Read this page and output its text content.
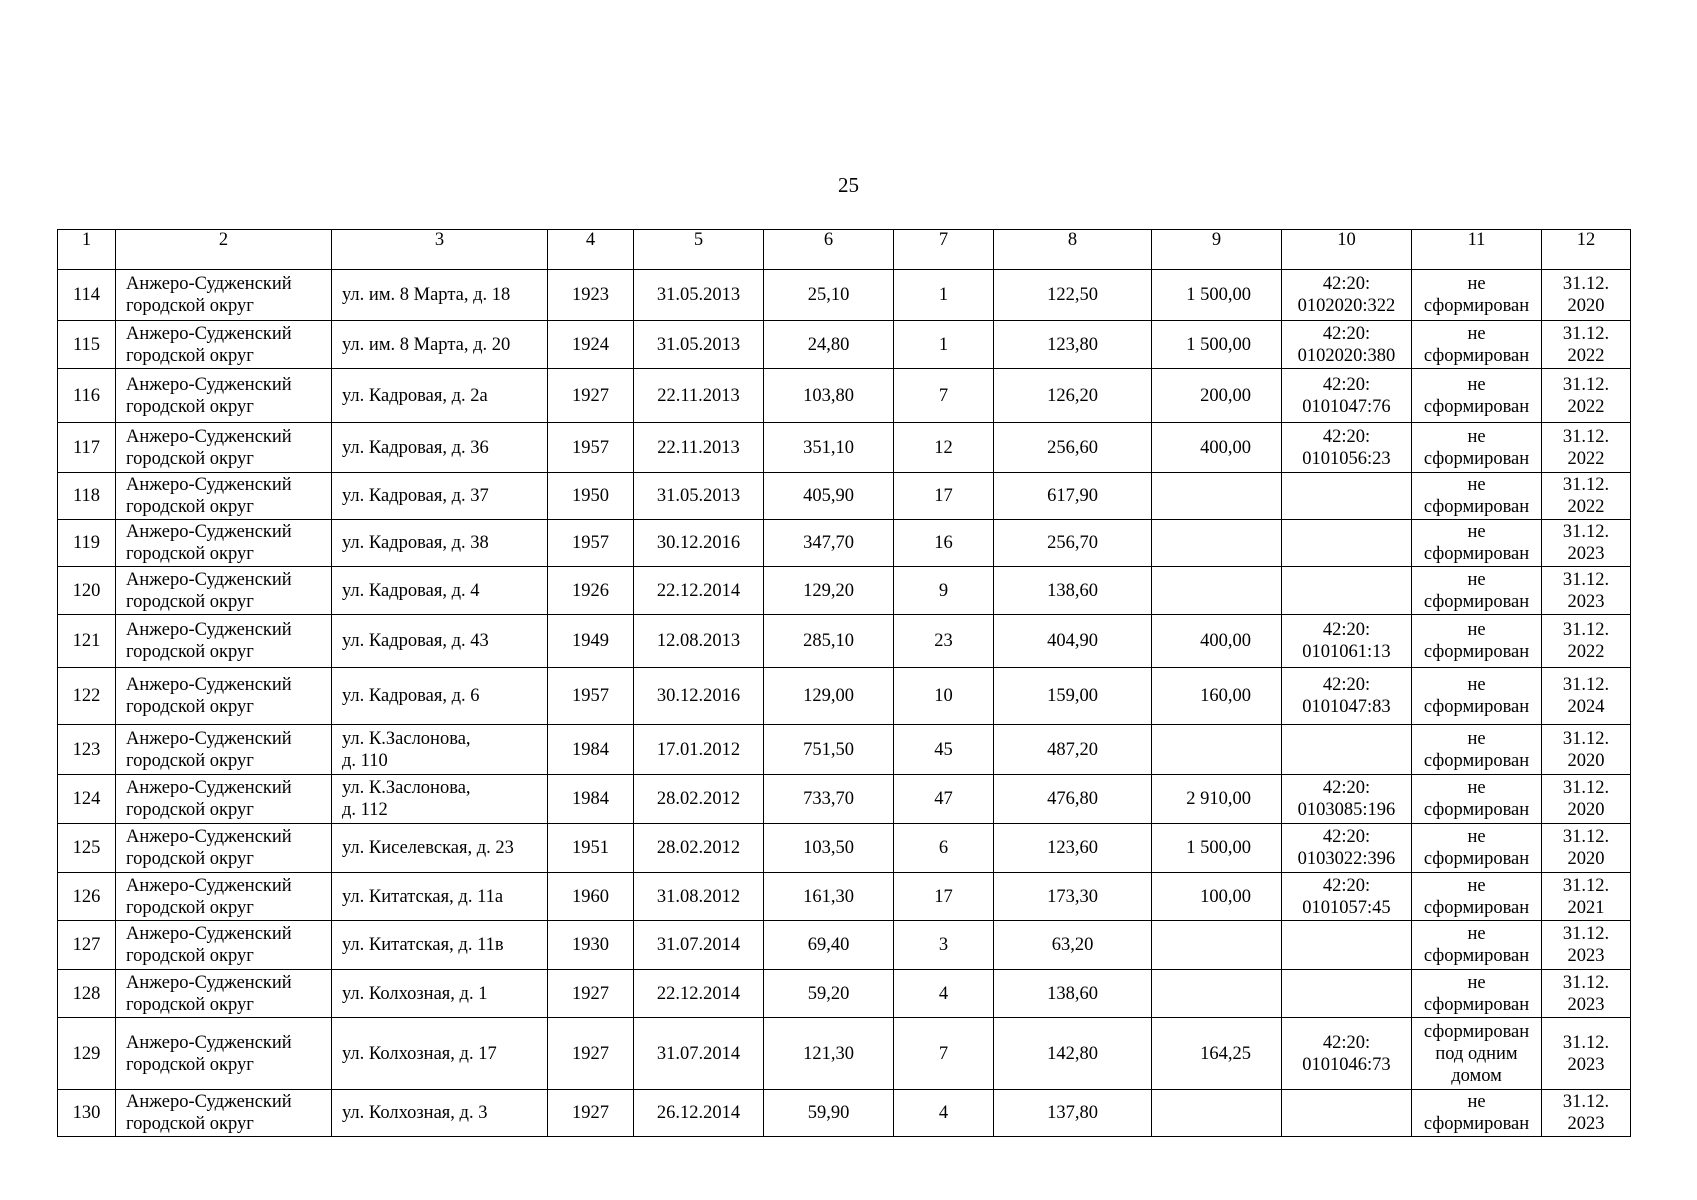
25
1	2	3	4	5	6	7	8	9	10	11	12
114	Анжеро-Судженский
городской округ	ул. им. 8 Марта, д. 18	1923	31.05.2013	25,10	1	122,50	1 500,00	42:20:
0102020:322	не
сформирован	31.12.
2020
115	Анжеро-Судженский
городской округ	ул. им. 8 Марта, д. 20	1924	31.05.2013	24,80	1	123,80	1 500,00	42:20:
0102020:380	не
сформирован	31.12.
2022
116	Анжеро-Судженский
городской округ	ул. Кадровая, д. 2а	1927	22.11.2013	103,80	7	126,20	200,00	42:20:
0101047:76	не
сформирован	31.12.
2022
117	Анжеро-Судженский
городской округ	ул. Кадровая, д. 36	1957	22.11.2013	351,10	12	256,60	400,00	42:20:
0101056:23	не
сформирован	31.12.
2022
118	Анжеро-Судженский
городской округ	ул. Кадровая, д. 37	1950	31.05.2013	405,90	17	617,90			не
сформирован	31.12.
2022
119	Анжеро-Судженский
городской округ	ул. Кадровая, д. 38	1957	30.12.2016	347,70	16	256,70			не
сформирован	31.12.
2023
120	Анжеро-Судженский
городской округ	ул. Кадровая, д. 4	1926	22.12.2014	129,20	9	138,60			не
сформирован	31.12.
2023
121	Анжеро-Судженский
городской округ	ул. Кадровая, д. 43	1949	12.08.2013	285,10	23	404,90	400,00	42:20:
0101061:13	не
сформирован	31.12.
2022
122	Анжеро-Судженский
городской округ	ул. Кадровая, д. 6	1957	30.12.2016	129,00	10	159,00	160,00	42:20:
0101047:83	не
сформирован	31.12.
2024
123	Анжеро-Судженский
городской округ	ул. К.Заслонова,
д. 110	1984	17.01.2012	751,50	45	487,20			не
сформирован	31.12.
2020
124	Анжеро-Судженский
городской округ	ул. К.Заслонова,
д. 112	1984	28.02.2012	733,70	47	476,80	2 910,00	42:20:
0103085:196	не
сформирован	31.12.
2020
125	Анжеро-Судженский
городской округ	ул. Киселевская, д. 23	1951	28.02.2012	103,50	6	123,60	1 500,00	42:20:
0103022:396	не
сформирован	31.12.
2020
126	Анжеро-Судженский
городской округ	ул. Китатская, д. 11а	1960	31.08.2012	161,30	17	173,30	100,00	42:20:
0101057:45	не
сформирован	31.12.
2021
127	Анжеро-Судженский
городской округ	ул. Китатская, д. 11в	1930	31.07.2014	69,40	3	63,20			не
сформирован	31.12.
2023
128	Анжеро-Судженский
городской округ	ул. Колхозная, д. 1	1927	22.12.2014	59,20	4	138,60			не
сформирован	31.12.
2023
129	Анжеро-Судженский
городской округ	ул. Колхозная, д. 17	1927	31.07.2014	121,30	7	142,80	164,25	42:20:
0101046:73	сформирован
под одним
домом	31.12.
2023
130	Анжеро-Судженский
городской округ	ул. Колхозная, д. 3	1927	26.12.2014	59,90	4	137,80			не
сформирован	31.12.
2023
